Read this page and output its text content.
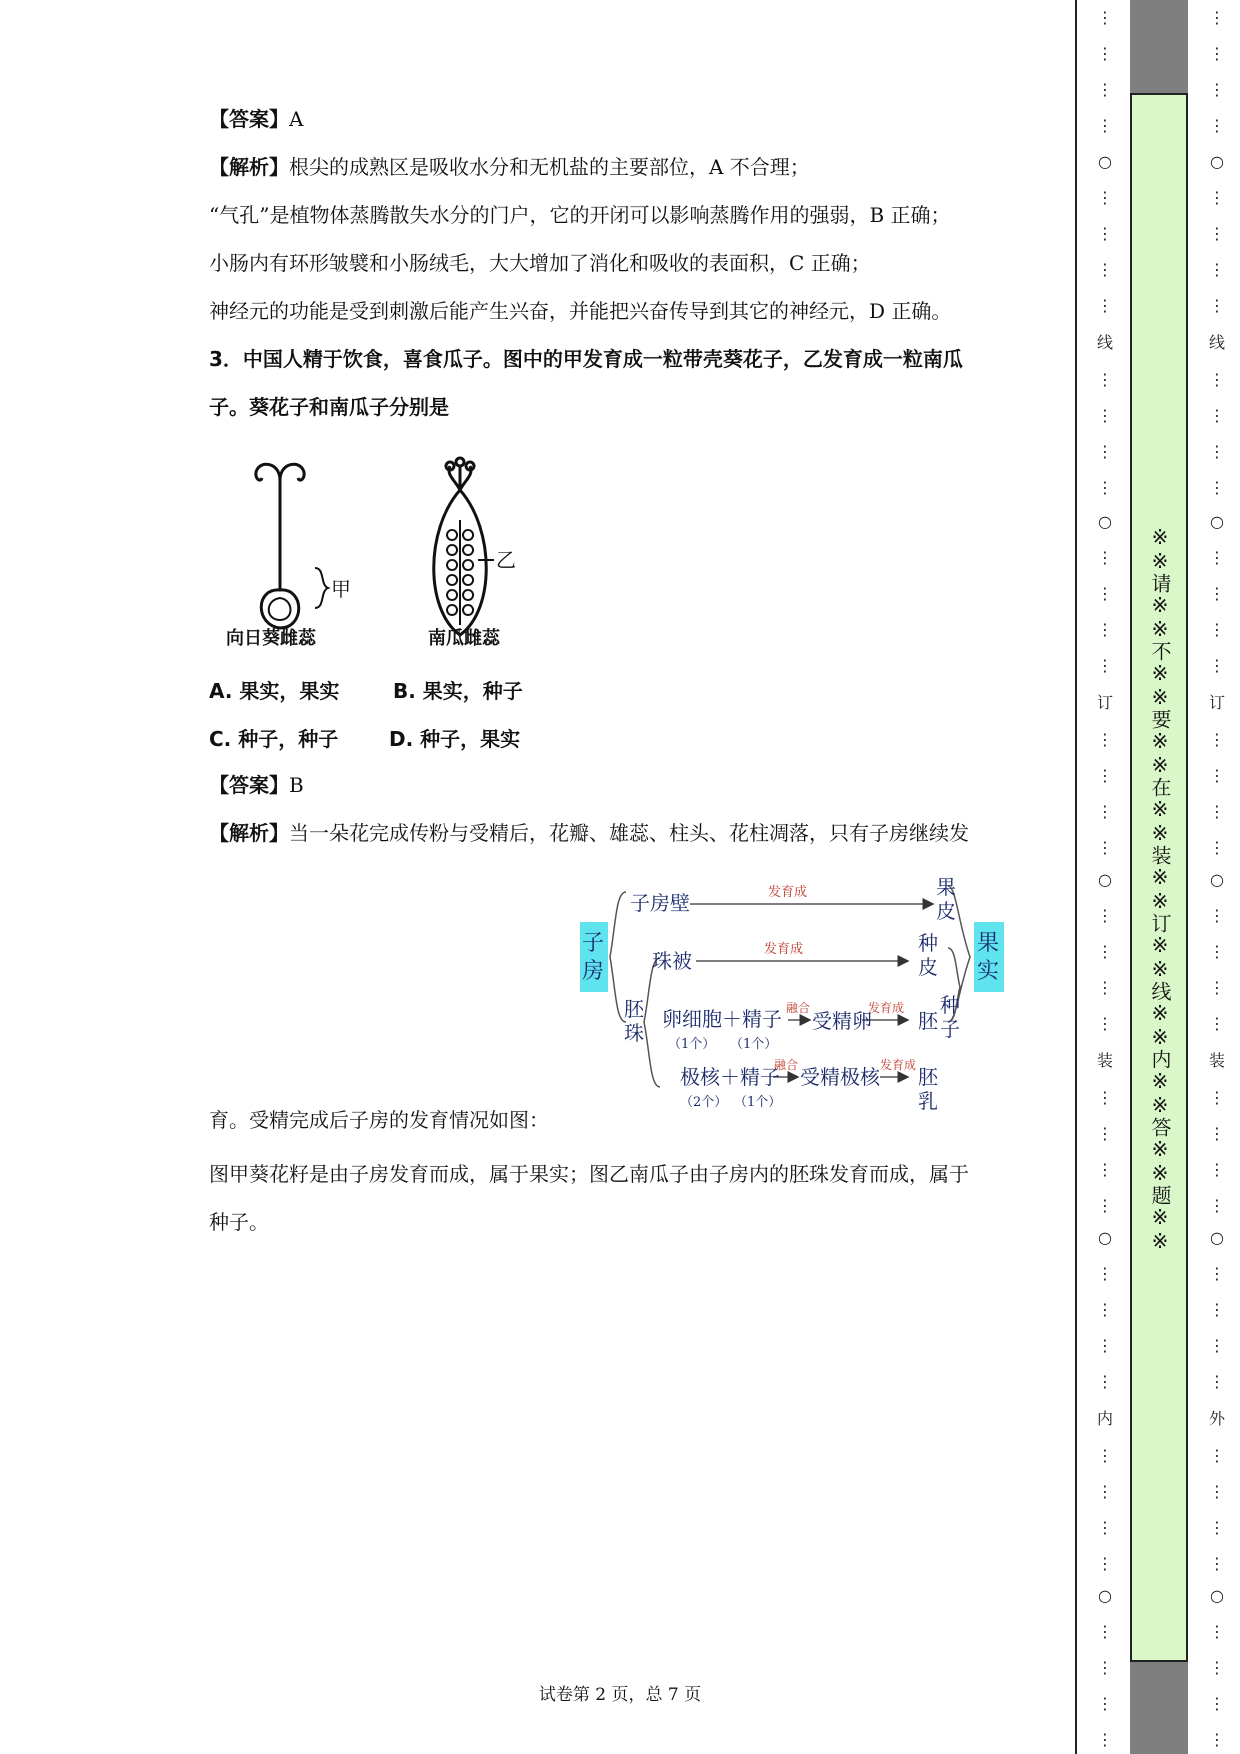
【答案】A
【解析】根尖的成熟区是吸收水分和无机盐的主要部位，A 不合理；
“气孔”是植物体蒸腾散失水分的门户，它的开闭可以影响蒸腾作用的强弱，B 正确；
小肠内有环形皱襞和小肠绒毛，大大增加了消化和吸收的表面积，C 正确；
神经元的功能是受到刺激后能产生兴奋，并能把兴奋传导到其它的神经元，D 正确。
3．中国人精于饮食，喜食瓜子。图中的甲发育成一粒带壳葵花子，乙发育成一粒南瓜
子。葵花子和南瓜子分别是
甲
乙
向日葵雌蕊	南瓜雌蕊
A. 果实，果实	B. 果实，种子
C. 种子，种子	D. 种子，果实
【答案】B
【解析】当一朵花完成传粉与受精后，花瓣、雄蕊、柱头、花柱凋落，只有子房继续发
子
房
果
实
子房壁	发育成	果
皮
珠被	发育成	种
皮
种
子
胚
珠
卵细胞＋精子
（1个） （1个）
融合
受精卵
发育成
胚
极核＋精子
（2个） （1个）
融合 受精极核 发育成 胚
乳
育。受精完成后子房的发育情况如图：
图甲葵花籽是由子房发育而成，属于果实；图乙南瓜子由子房内的胚珠发育而成，属于
种子。
试卷第 2 页，总 7 页
※※请※※不※※要※※在※※装※※订※※线※※内※※答※※题※※
⋮
⋮
⋮
⋮
○
⋮
⋮
⋮
⋮
线
⋮
⋮
⋮
⋮
○
⋮
⋮
⋮
⋮
订
⋮
⋮
⋮
⋮
○
⋮
⋮
⋮
⋮
装
⋮
⋮
⋮
⋮
○
⋮
⋮
⋮
⋮
内
⋮
⋮
⋮
⋮
○
⋮
⋮
⋮
⋮
⋮
⋮
⋮
⋮
○
⋮
⋮
⋮
⋮
线
⋮
⋮
⋮
⋮
○
⋮
⋮
⋮
⋮
订
⋮
⋮
⋮
⋮
○
⋮
⋮
⋮
⋮
装
⋮
⋮
⋮
⋮
○
⋮
⋮
⋮
⋮
外
⋮
⋮
⋮
⋮
○
⋮
⋮
⋮
⋮
